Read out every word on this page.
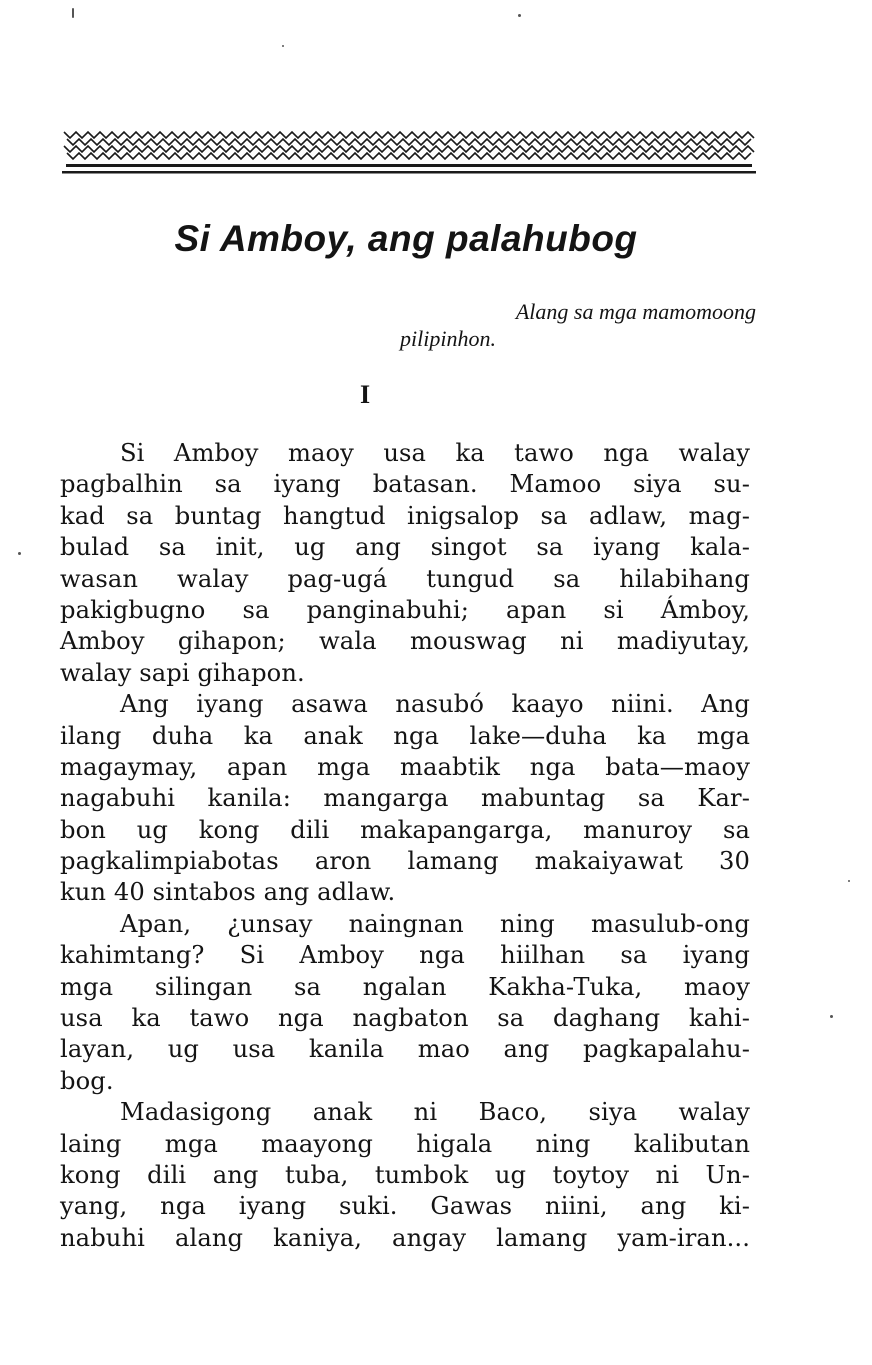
Si Amboy, ang palahubog

Alang sa mga mamomoong
pilipinhon.

I
Si Amboy maoy usa ka tawo nga walay
pagbalhin sa iyang batasan. Mamoo siya su-
kad sa buntag hangtud inigsalop sa adlaw, mag-
bulad sa init, ug ang singot sa iyang kala-
wasan walay pag-ugá tungud sa hilabihang
pakigbugno sa panginabuhi; apan si Ámboy,
Amboy gihapon; wala mouswag ni madiyutay,
walay sapi gihapon.
Ang iyang asawa nasubó kaayo niini. Ang
ilang duha ka anak nga lake—duha ka mga
magaymay, apan mga maabtik nga bata—maoy
nagabuhi kanila: mangarga mabuntag sa Kar-
bon ug kong dili makapangarga, manuroy sa
pagkalimpiabotas aron lamang makaiyawat 30
kun 40 sintabos ang adlaw.
Apan, ¿unsay naingnan ning masulub-ong
kahimtang? Si Amboy nga hiilhan sa iyang
mga silingan sa ngalan Kakha-Tuka, maoy
usa ka tawo nga nagbaton sa daghang kahi-
layan, ug usa kanila mao ang pagkapalahu-
bog.
Madasigong anak ni Baco, siya walay
laing mga maayong higala ning kalibutan
kong dili ang tuba, tumbok ug toytoy ni Un-
yang, nga iyang suki. Gawas niini, ang ki-
nabuhi alang kaniya, angay lamang yam-iran...
